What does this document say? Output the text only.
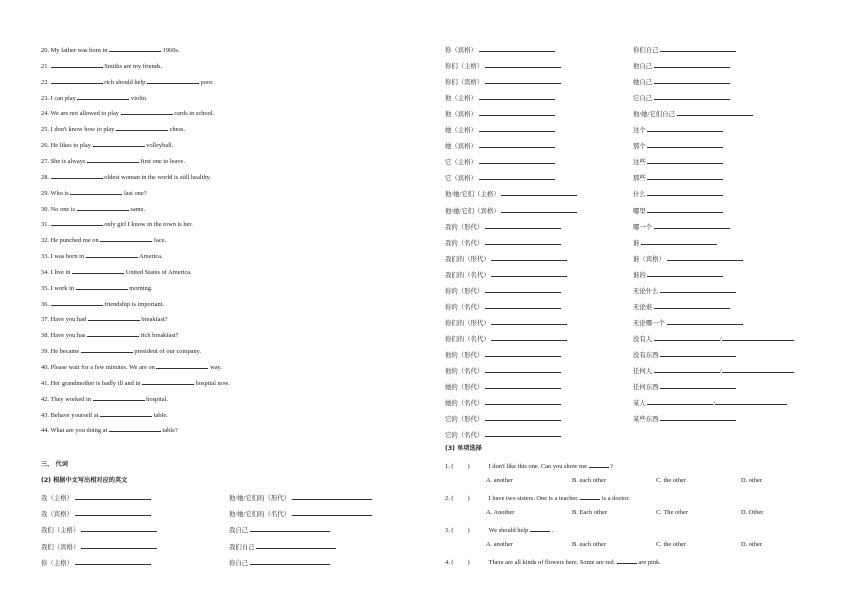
20. My father was born in	1960s.
21.	Smiths are my friends.
22.	rich should help	poor.
23. I can play	violin.
24. We are not allowed to play	cards in school.
25. I don't know how to play	chess.
26. He likes to play	volleyball.
27. She is always	first one to leave.
28.	oldest woman in the world is still healthy.
29. Who is	last one?
30. No one is	same.
31.	only girl I know in the town is her.
32. He punched me on	face.
33. I was born in	America.
34. I live in	United States of America.
35. I work in	morning.
36.	friendship is important.
37. Have you had	breakfast?
38. Have you has	rich breakfast?
39. He became	president of our company.
40. Please wait for a few minutes. We are on	way.
41. Her grandmother is badly ill and in	hospital now.
42. They worked in	hospital.
43. Behave yourself at	table.
44. What are you doing at	table?
三、 代词
(2) 根据中文写出相对应的英文
我（主格）	他/她/它们的（形代）
我（宾格）	他/她/它们的（名代）
我们（主格）	我自己
我们（宾格）	我们自己
你（主格）	你自己
你（宾格）	你们自己
你们（主格）	他自己
你们（宾格）	她自己
他（主格）	它自己
他（宾格）	他/她/它们自己
她（主格）	这个
她（宾格）	那个
它（主格）	这些
它（宾格）	那些
他/她/它们（主格）	什么
他/她/它们（宾格）	哪里
我的（形代）	哪一个
我的（名代）	谁
我们的（形代）	谁（宾格）
我们的（名代）	谁的
你的（形代）	无论什么
你的（名代）	无论谁
你们的（形代）	无论哪一个
你们的（名代）	没有人	/
他的（形代）	没有东西
他的（名代）	任何人	/
她的（形代）	任何东西
她的（名代）	某人	/
它的（形代）	某些东西
它的（名代）
(3) 单项选择
1. ( )	I don't like this one. Can you show me	?
A. another	B. each other	C. the other	D. other
2. ( )	I have two sisters. One is a teacher.	is a doctor.
A. Another	B. Each other	C. The other	D. Other
3. ( )	We should help	.
A. another	B. each other	C. the other	D. other
4. ( )	There are all kinds of flowers here. Some are red.	are pink.
